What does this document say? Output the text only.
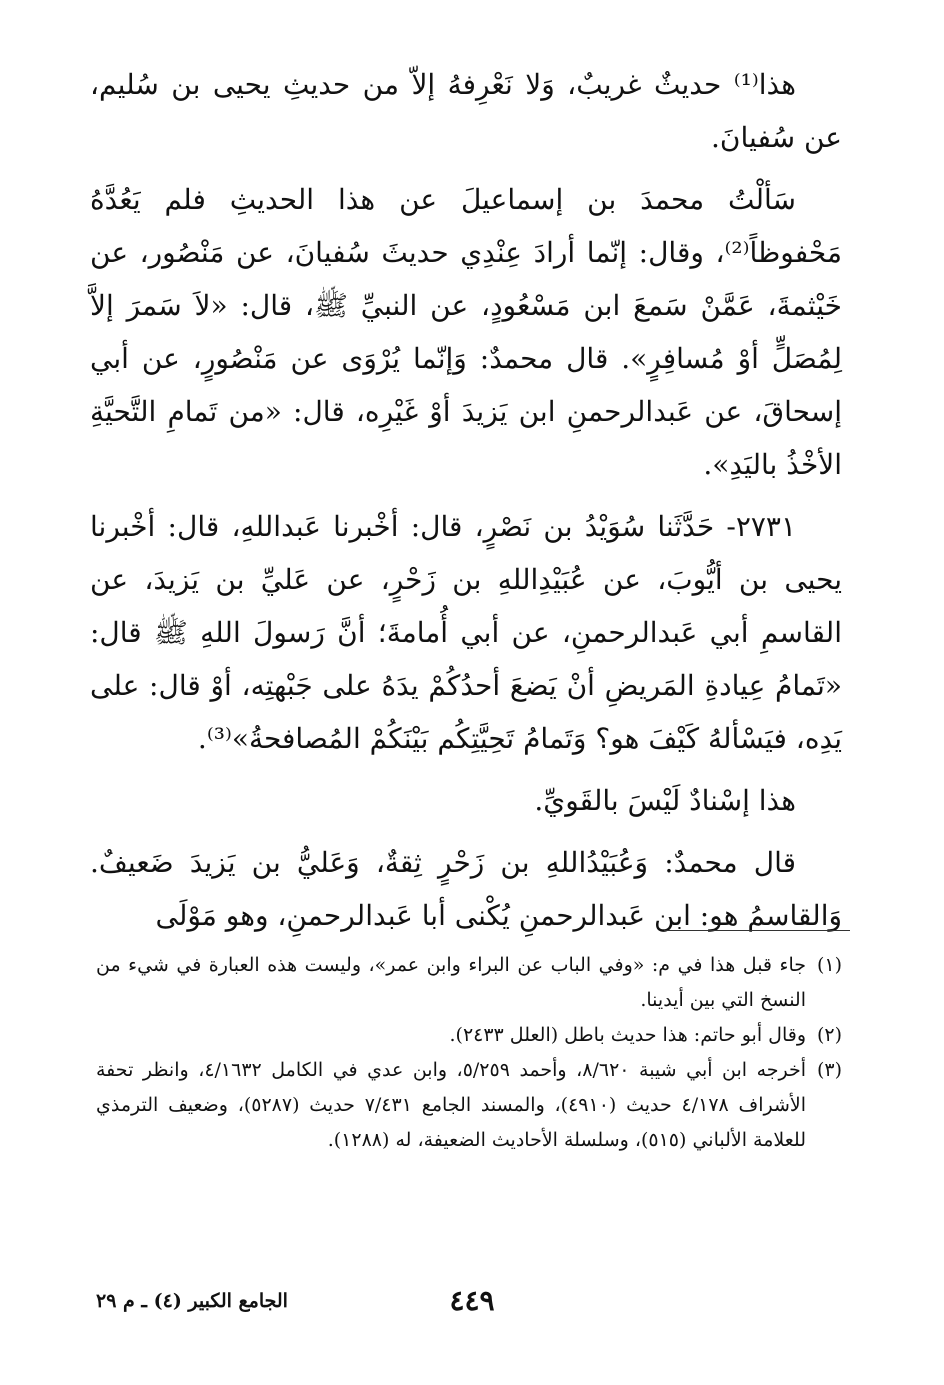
هذا⁽¹⁾ حديثٌ غريبٌ، وَلا نَعْرِفهُ إلاّ من حديثِ يحيى بن سُليم، عن سُفيانَ.

سَألْتُ محمدَ بن إسماعيلَ عن هذا الحديثِ فلم يَعُدَّهُ مَحْفوظاً⁽²⁾، وقال: إنّما أرادَ عِنْدِي حديثَ سُفيانَ، عن مَنْصُور، عن خَيْثمةَ، عَمَّنْ سَمعَ ابن مَسْعُودٍ، عن النبيِّ ﷺ، قال: «لاَ سَمرَ إلاَّ لِمُصَلٍّ أوْ مُسافِرٍ». قال محمدٌ: وَإنّما يُرْوَى عن مَنْصُورٍ، عن أبي إسحاقَ، عن عَبدالرحمنِ ابن يَزيدَ أوْ غَيْرِه، قال: «من تَمامِ التَّحيَّةِ الأخْذُ باليَدِ».

٢٧٣١- حَدَّثَنا سُوَيْدُ بن نَصْرٍ، قال: أخْبرنا عَبداللهِ، قال: أخْبرنا يحيى بن أيُّوبَ، عن عُبَيْدِاللهِ بن زَحْرٍ، عن عَليِّ بن يَزيدَ، عن القاسمِ أبي عَبدالرحمنِ، عن أبي أُمامةَ؛ أنَّ رَسولَ اللهِ ﷺ قال: «تَمامُ عِيادةِ المَريضِ أنْ يَضعَ أحدُكُمْ يدَهُ على جَبْهتِه، أوْ قال: على يَدِه، فيَسْألهُ كَيْفَ هو؟ وَتَمامُ تَحِيَّتِكُم بَيْنَكُمْ المُصافحةُ»⁽³⁾.

هذا إسْنادٌ لَيْسَ بالقَويِّ.

قال محمدٌ: وَعُبَيْدُاللهِ بن زَحْرٍ ثِقةٌ، وَعَليُّ بن يَزيدَ ضَعيفٌ. وَالقاسمُ هو: ابن عَبدالرحمنِ يُكْنى أبا عَبدالرحمنِ، وهو مَوْلَى

(١)
جاء قبل هذا في م: «وفي الباب عن البراء وابن عمر»، وليست هذه العبارة في شيء من النسخ التي بين أيدينا.
(٢)
وقال أبو حاتم: هذا حديث باطل (العلل ٢٤٣٣).
(٣)
أخرجه ابن أبي شيبة ٨/٦٢٠، وأحمد ٥/٢٥٩، وابن عدي في الكامل ٤/١٦٣٢، وانظر تحفة الأشراف ٤/١٧٨ حديث (٤٩١٠)، والمسند الجامع ٧/٤٣١ حديث (٥٢٨٧)، وضعيف الترمذي للعلامة الألباني (٥١٥)، وسلسلة الأحاديث الضعيفة، له (١٢٨٨).
٤٤٩
الجامع الكبير (٤) ـ م ٢٩
